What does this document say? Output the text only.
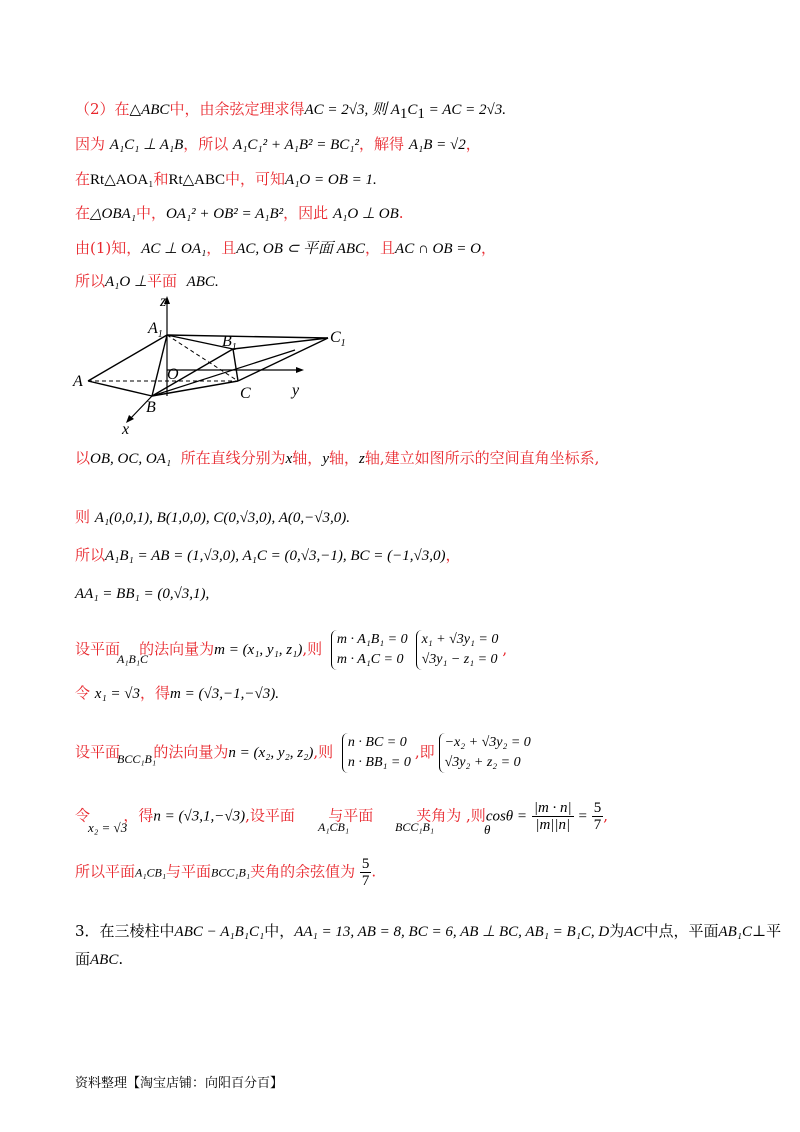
（2）在△ABC中，由余弦定理求得AC = 2√3, 则 $A_1C_1$ = AC = 2√3.
因为 A₁C₁ ⊥ A₁B，所以 A₁C₁² + A₁B² = BC₁²，解得 A₁B = √2，
在Rt△AOA₁和Rt△ABC中，可知A₁O = OB = 1.
在△OBA₁中，OA₁² + OB² = A₁B²，因此 A₁O ⊥ OB.
由(1)知，AC ⊥ OA₁，且AC, OB ⊂ 平面 ABC，且AC ∩ OB = O，
所以A₁O ⊥平面 ABC.
z
$A_1$	$B_1$
$C_1$
O
A
B
C	y
x
以OB, OC, OA₁ 所在直线分别为x轴，y轴，z轴,建立如图所示的空间直角坐标系,
则 A₁(0,0,1), B(1,0,0), C(0,√3,0), A(0,−√3,0).
所以A₁B₁ = AB = (1,√3,0), A₁C = (0,√3,−1), BC = (−1,√3,0)，
AA₁ = BB₁ = (0,√3,1),
设平面 的法向量为m = (x₁, y₁, z₁),则
m · A₁B₁ = 0
m · A₁C = 0
x₁ + √3y₁ = 0
√3y₁ − z₁ = 0
,
A₁B₁C
令 x₁ = √3，得m = (√3,−1,−√3).
设平面 的法向量为n = (x₂, y₂, z₂),则
n · BC = 0
n · BB₁ = 0
,即
−x₂ + √3y₂ = 0
√3y₂ + z₂ = 0
BCC₁B₁
令 ，得n = (√3,1,−√3),设平面 与平面	夹角为 ,则$\cos\theta = \frac{|m \cdot n|}{|m||n|} = \frac{5}{7}$ ,
x₂ = √3	A₁CB₁	BCC₁B₁	θ
所以平面A₁CB₁与平面BCC₁B₁夹角的余弦值为 $\frac{5}{7}$ .
3．在三棱柱中ABC − A₁B₁C₁中，AA₁ = 13, AB = 8, BC = 6, AB ⊥ BC, AB₁ = B₁C, D为AC中点，平面AB₁C⊥平
面ABC.
资料整理【淘宝店铺：向阳百分百】
